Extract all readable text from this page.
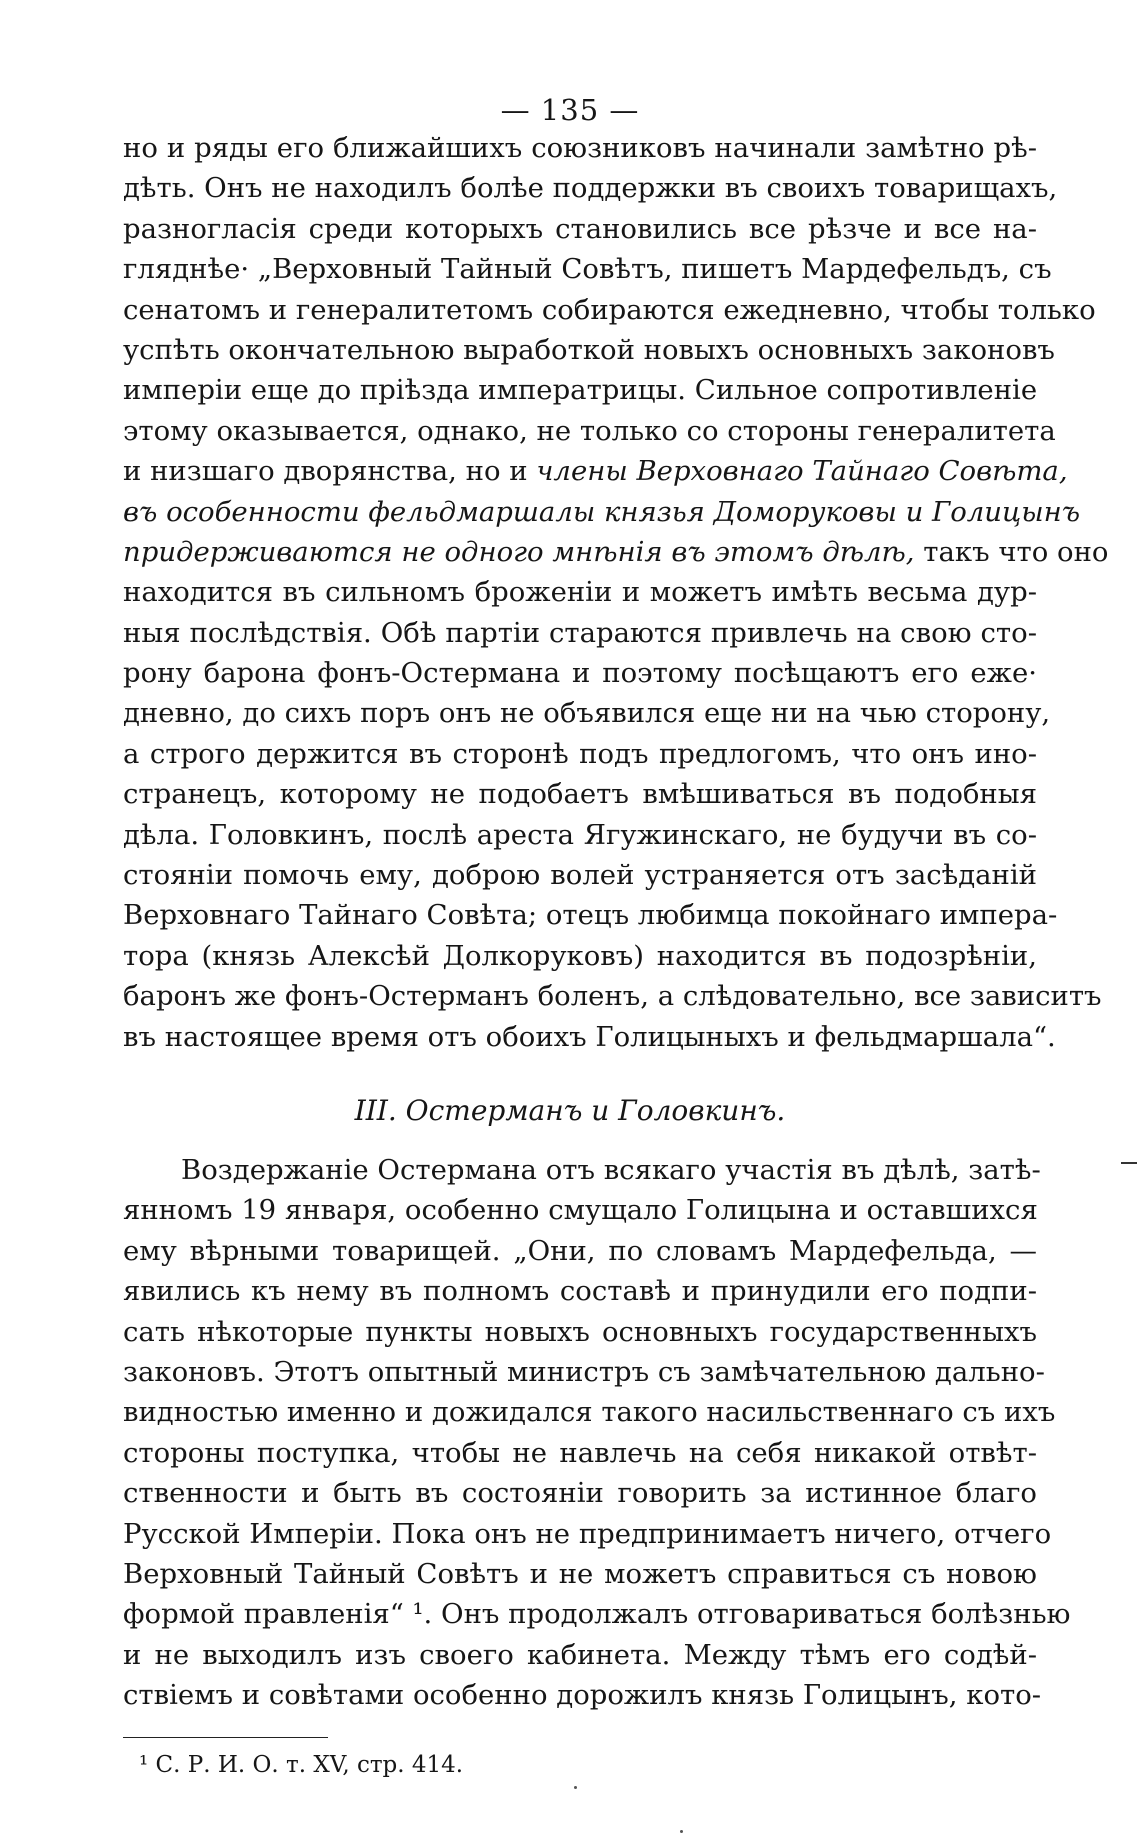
— 135 —
но и ряды его ближайшихъ союзниковъ начинали замѣтно рѣ-
дѣть. Онъ не находилъ болѣе поддержки въ своихъ товарищахъ,
разногласія среди которыхъ становились все рѣзче и все на-
гляднѣе· „Верховный Тайный Совѣтъ, пишетъ Мардефельдъ, съ
сенатомъ и генералитетомъ собираются ежедневно, чтобы только
успѣть окончательною выработкой новыхъ основныхъ законовъ
имперіи еще до пріѣзда императрицы. Сильное сопротивленіе
этому оказывается, однако, не только со стороны генералитета
и низшаго дворянства, но и члены Верховнаго Тайнаго Совѣта,
въ особенности фельдмаршалы князья Доморуковы и Голицынъ
придерживаются не одного мнѣнія въ этомъ дѣлѣ, такъ что оно
находится въ сильномъ броженіи и можетъ имѣть весьма дур-
ныя послѣдствія. Обѣ партіи стараются привлечь на свою сто-
рону барона фонъ-Остермана и поэтому посѣщаютъ его еже·
дневно, до сихъ поръ онъ не объявился еще ни на чью сторону,
а строго держится въ сторонѣ подъ предлогомъ, что онъ ино-
странецъ, которому не подобаетъ вмѣшиваться въ подобныя
дѣла. Головкинъ, послѣ ареста Ягужинскаго, не будучи въ со-
стояніи помочь ему, доброю волей устраняется отъ засѣданій
Верховнаго Тайнаго Совѣта; отецъ любимца покойнаго импера-
тора (князь Алексѣй Долкоруковъ) находится въ подозрѣніи,
баронъ же фонъ-Остерманъ боленъ, а слѣдовательно, все зависитъ
въ настоящее время отъ обоихъ Голицыныхъ и фельдмаршала“.
III. Остерманъ и Головкинъ.
Воздержаніе Остермана отъ всякаго участія въ дѣлѣ, затѣ-
янномъ 19 января, особенно смущало Голицына и оставшихся
ему вѣрными товарищей. „Они, по словамъ Мардефельда, —
явились къ нему въ полномъ составѣ и принудили его подпи-
сать нѣкоторые пункты новыхъ основныхъ государственныхъ
законовъ. Этотъ опытный министръ съ замѣчательною дально-
видностью именно и дожидался такого насильственнаго съ ихъ
стороны поступка, чтобы не навлечь на себя никакой отвѣт-
ственности и быть въ состояніи говорить за истинное благо
Русской Имперіи. Пока онъ не предпринимаетъ ничего, отчего
Верховный Тайный Совѣтъ и не можетъ справиться съ новою
формой правленія“ ¹. Онъ продолжалъ отговариваться болѣзнью
и не выходилъ изъ своего кабинета. Между тѣмъ его содѣй-
ствіемъ и совѣтами особенно дорожилъ князь Голицынъ, кото-
¹ С. Р. И. О. т. XV, стр. 414.
